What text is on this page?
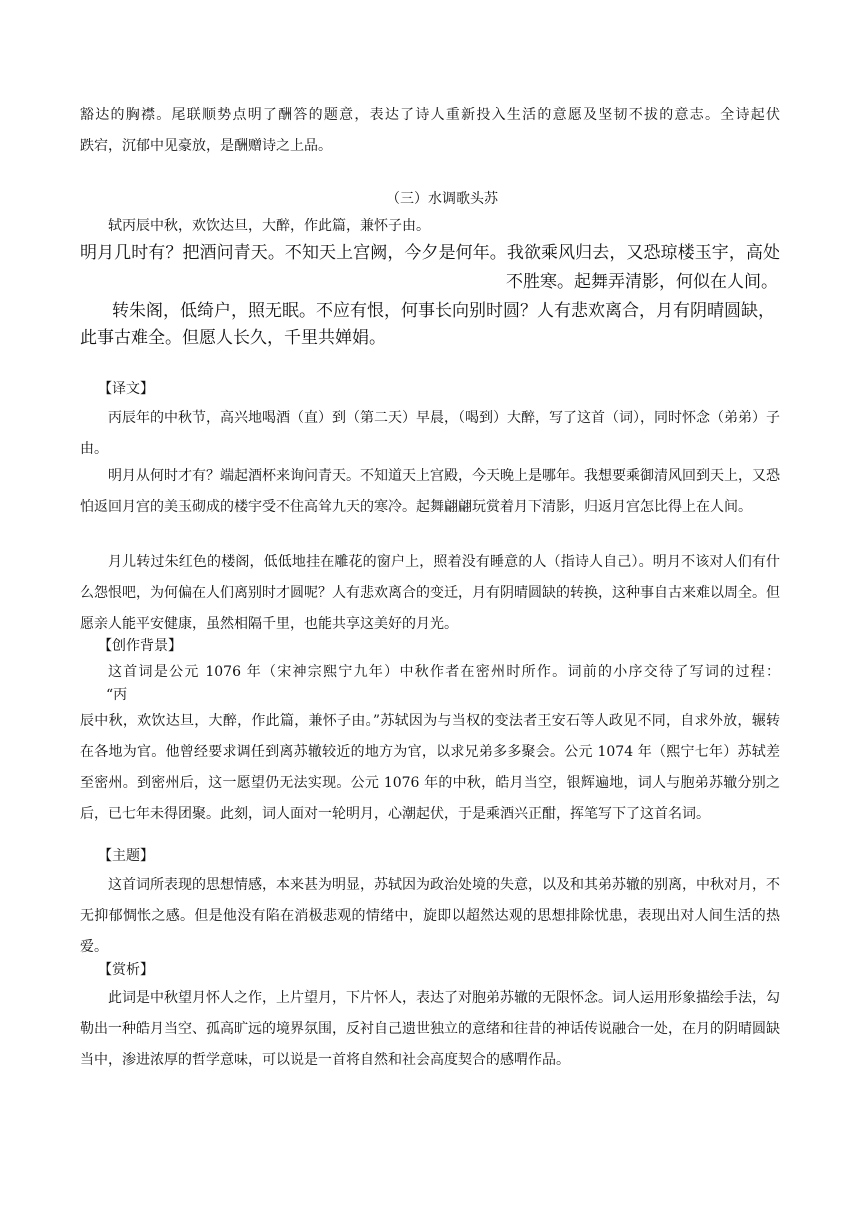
豁达的胸襟。尾联顺势点明了酬答的题意，表达了诗人重新投入生活的意愿及坚韧不拔的意志。全诗起伏

跌宕，沉郁中见豪放，是酬赠诗之上品。

（三）水调歌头苏

轼丙辰中秋，欢饮达旦，大醉，作此篇，兼怀子由。

明月几时有？把酒问青天。不知天上宫阙，今夕是何年。我欲乘风归去，又恐琼楼玉宇，高处

不胜寒。起舞弄清影，何似在人间。

转朱阁，低绮户，照无眠。不应有恨，何事长向别时圆？人有悲欢离合，月有阴晴圆缺，

此事古难全。但愿人长久，千里共婵娟。

【译文】

丙辰年的中秋节，高兴地喝酒（直）到（第二天）早晨，（喝到）大醉，写了这首（词），同时怀念（弟弟）子由。

明月从何时才有？端起酒杯来询问青天。不知道天上宫殿，今天晚上是哪年。我想要乘御清风回到天上，又恐怕返回月宫的美玉砌成的楼宇受不住高耸九天的寒冷。起舞翩翩玩赏着月下清影，归返月宫怎比得上在人间。

月儿转过朱红色的楼阁，低低地挂在雕花的窗户上，照着没有睡意的人（指诗人自己）。明月不该对人们有什么怨恨吧，为何偏在人们离别时才圆呢？人有悲欢离合的变迁，月有阴晴圆缺的转换，这种事自古来难以周全。但愿亲人能平安健康，虽然相隔千里，也能共享这美好的月光。

【创作背景】

这首词是公元 1076 年（宋神宗熙宁九年）中秋作者在密州时所作。词前的小序交待了写词的过程：

“丙

辰中秋，欢饮达旦，大醉，作此篇，兼怀子由。”苏轼因为与当权的变法者王安石等人政见不同，自求外放，辗转在各地为官。他曾经要求调任到离苏辙较近的地方为官，以求兄弟多多聚会。公元 1074 年（熙宁七年）苏轼差至密州。到密州后，这一愿望仍无法实现。公元 1076 年的中秋，皓月当空，银辉遍地，词人与胞弟苏辙分别之后，已七年未得团聚。此刻，词人面对一轮明月，心潮起伏，于是乘酒兴正酣，挥笔写下了这首名词。

【主题】

这首词所表现的思想情感，本来甚为明显，苏轼因为政治处境的失意，以及和其弟苏辙的别离，中秋对月，不无抑郁惆怅之感。但是他没有陷在消极悲观的情绪中，旋即以超然达观的思想排除忧患，表现出对人间生活的热爱。

【赏析】

此词是中秋望月怀人之作，上片望月，下片怀人，表达了对胞弟苏辙的无限怀念。词人运用形象描绘手法，勾勒出一种皓月当空、孤高旷远的境界氛围，反衬自己遗世独立的意绪和往昔的神话传说融合一处，在月的阴晴圆缺当中，渗进浓厚的哲学意味，可以说是一首将自然和社会高度契合的感喟作品。
